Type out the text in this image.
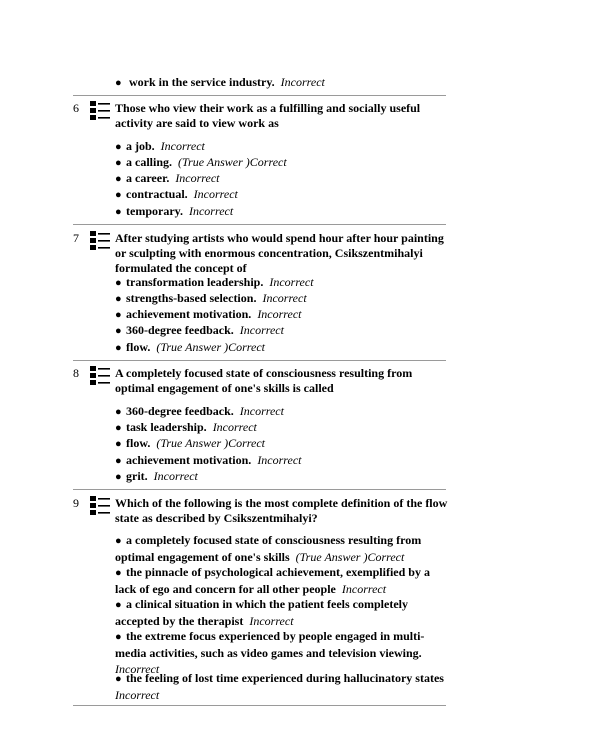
● work in the service industry. Incorrect
6	Those who view their work as a fulfilling and socially useful activity are said to view work as
● a job. Incorrect
● a calling. (True Answer )Correct
● a career. Incorrect
● contractual. Incorrect
● temporary. Incorrect
7	After studying artists who would spend hour after hour painting or sculpting with enormous concentration, Csikszentmihalyi formulated the concept of
● transformation leadership. Incorrect
● strengths-based selection. Incorrect
● achievement motivation. Incorrect
● 360-degree feedback. Incorrect
● flow. (True Answer )Correct
8	A completely focused state of consciousness resulting from optimal engagement of one's skills is called
● 360-degree feedback. Incorrect
● task leadership. Incorrect
● flow. (True Answer )Correct
● achievement motivation. Incorrect
● grit. Incorrect
9	Which of the following is the most complete definition of the flow state as described by Csikszentmihalyi?
● a completely focused state of consciousness resulting from optimal engagement of one's skills (True Answer )Correct
● the pinnacle of psychological achievement, exemplified by a lack of ego and concern for all other people Incorrect
● a clinical situation in which the patient feels completely accepted by the therapist Incorrect
● the extreme focus experienced by people engaged in multi-media activities, such as video games and television viewing.  Incorrect
● the feeling of lost time experienced during hallucinatory states  Incorrect
